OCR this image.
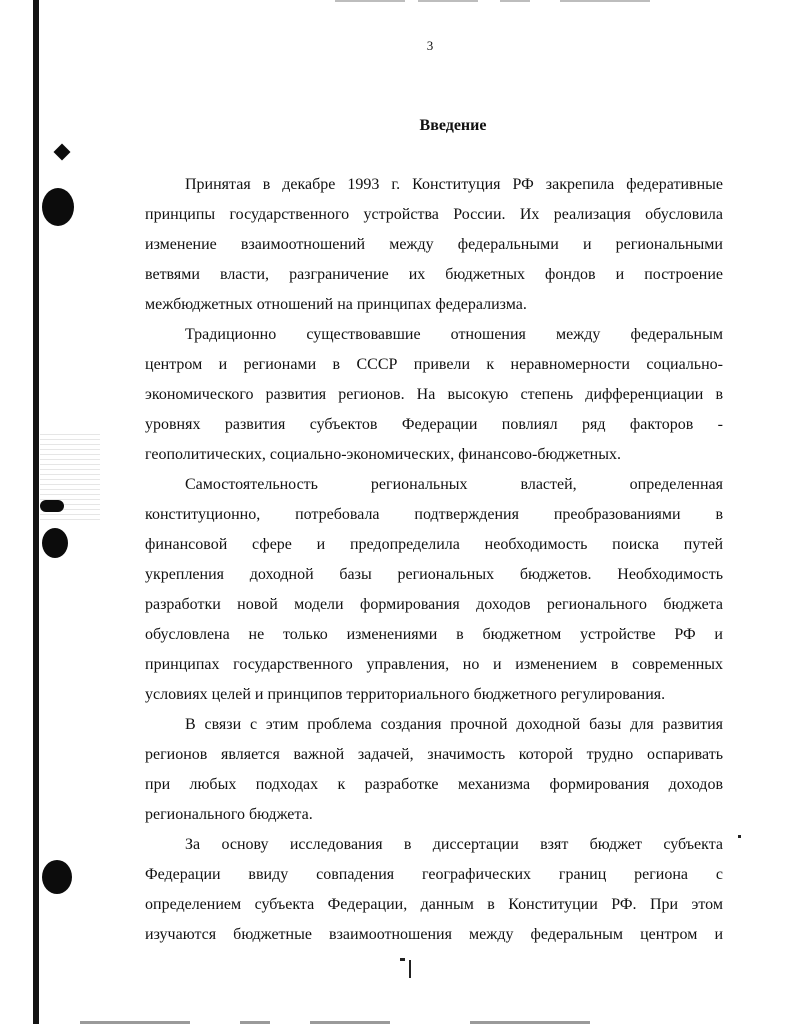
3
Введение
Принятая в декабре 1993 г. Конституция РФ закрепила федеративные
принципы государственного устройства России. Их реализация обусловила
изменение взаимоотношений между федеральными и региональными
ветвями власти, разграничение их бюджетных фондов и построение
межбюджетных отношений на принципах федерализма.
Традиционно существовавшие отношения между федеральным
центром и регионами в СССР привели к неравномерности социально-
экономического развития регионов. На высокую степень дифференциации в
уровнях развития субъектов Федерации повлиял ряд факторов -
геополитических, социально-экономических, финансово-бюджетных.
Самостоятельность региональных властей, определенная
конституционно, потребовала подтверждения преобразованиями в
финансовой сфере и предопределила необходимость поиска путей
укрепления доходной базы региональных бюджетов. Необходимость
разработки новой модели формирования доходов регионального бюджета
обусловлена не только изменениями в бюджетном устройстве РФ и
принципах государственного управления, но и изменением в современных
условиях целей и принципов территориального бюджетного регулирования.
В связи с этим проблема создания прочной доходной базы для развития
регионов является важной задачей, значимость которой трудно оспаривать
при любых подходах к разработке механизма формирования доходов
регионального бюджета.
За основу исследования в диссертации взят бюджет субъекта
Федерации ввиду совпадения географических границ региона с
определением субъекта Федерации, данным в Конституции РФ. При этом
изучаются бюджетные взаимоотношения между федеральным центром и
